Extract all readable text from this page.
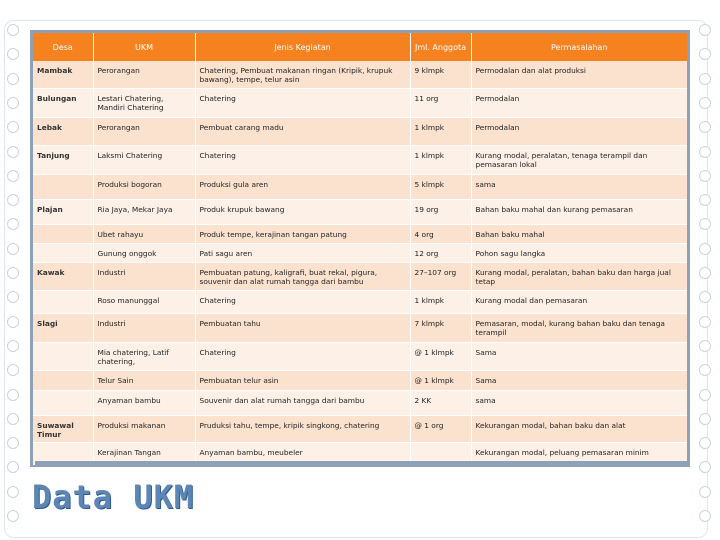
Desa	UKM	Jenis Kegiatan	Jml. Anggota	Permasalahan
Mambak	Perorangan	Chatering, Pembuat makanan ringan (Kripik, krupuk bawang), tempe, telur asin	9 klmpk	Permodalan dan alat produksi
Bulungan	Lestari Chatering, Mandiri Chatering	Chatering	11 org	Permodalan
Lebak	Perorangan	Pembuat carang madu	1 klmpk	Permodalan
Tanjung	Laksmi Chatering	Chatering	1 klmpk	Kurang modal, peralatan, tenaga terampil dan pemasaran lokal
	Produksi bogoran	Produksi gula aren	5 klmpk	sama
Plajan	Ria Jaya, Mekar Jaya	Produk krupuk bawang	19 org	Bahan baku mahal dan kurang pemasaran
	Ubet rahayu	Produk tempe, kerajinan tangan patung	4 org	Bahan baku mahal
	Gunung onggok	Pati sagu aren	12 org	Pohon sagu langka
Kawak	Industri	Pembuatan patung, kaligrafi, buat rekal, pigura, souvenir dan alat rumah tangga dari bambu	27–107 org	Kurang modal, peralatan, bahan baku dan harga jual tetap
	Roso manunggal	Chatering	1 klmpk	Kurang modal dan pemasaran
Slagi	Industri	Pembuatan tahu	7 klmpk	Pemasaran, modal, kurang bahan baku dan tenaga terampil
	Mia chatering, Latif chatering,	Chatering	@ 1 klmpk	Sama
	Telur Sain	Pembuatan telur asin	@ 1 klmpk	Sama
	Anyaman bambu	Souvenir dan alat rumah tangga dari bambu	2 KK	sama
Suwawal Timur	Produksi makanan	Pruduksi tahu, tempe, kripik singkong, chatering	@ 1 org	Kekurangan modal, bahan baku dan alat
	Kerajinan Tangan	Anyaman bambu, meubeler		Kekurangan modal, peluang pemasaran minim
Data UKM
